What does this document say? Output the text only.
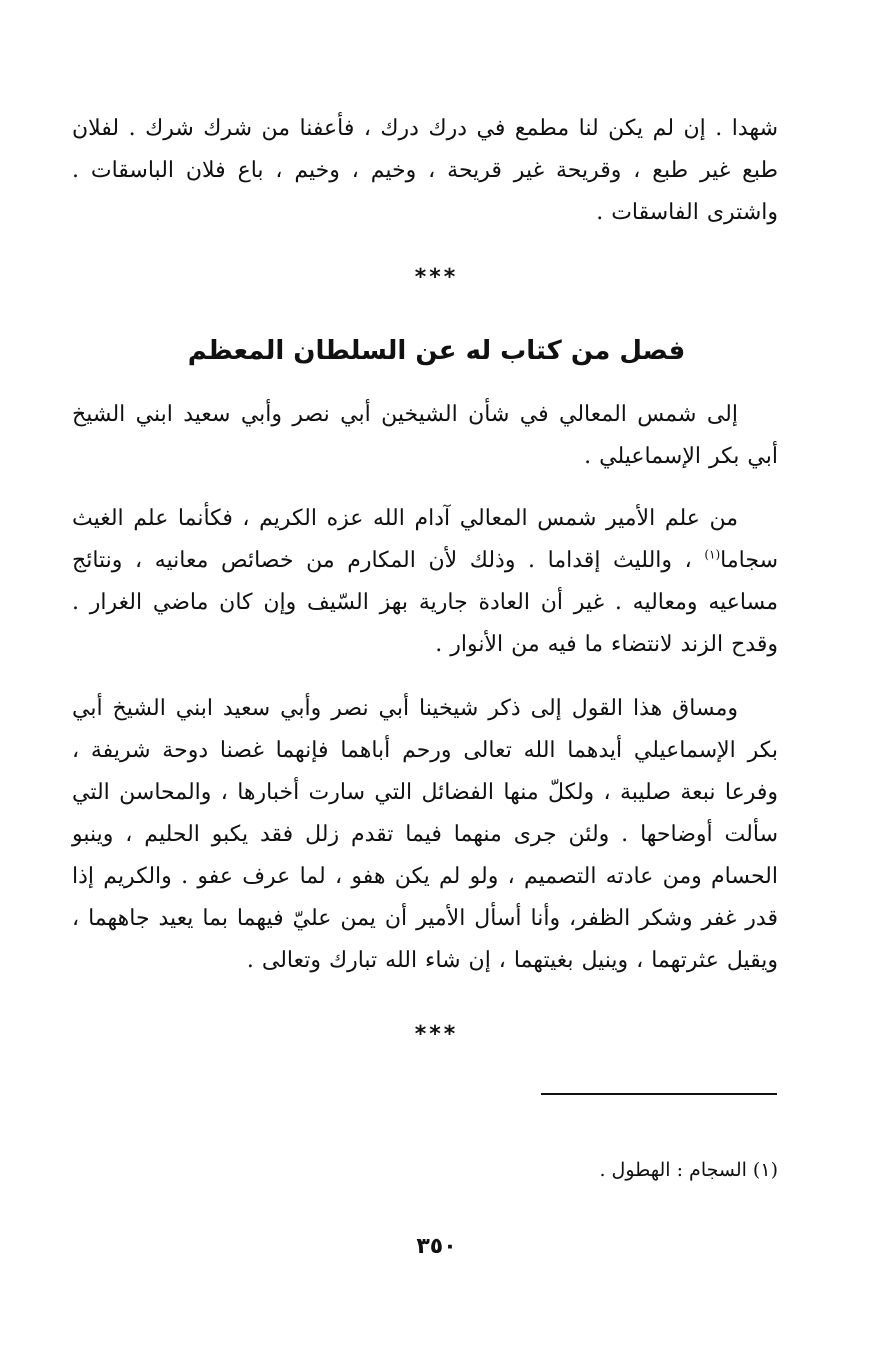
شهدا . إن لم يكن لنا مطمع في درك درك ، فأعفنا من شرك شرك . لفلان طبع غير طبع ، وقريحة غير قريحة ، وخيم ، وخيم ، باع فلان الباسقات . واشترى الفاسقات .
***
فصل من كتاب له عن السلطان المعظم
إلى شمس المعالي في شأن الشيخين أبي نصر وأبي سعيد ابني الشيخ أبي بكر الإسماعيلي .
من علم الأمير شمس المعالي آدام الله عزه الكريم ، فكأنما علم الغيث سجاما$^{(١)}$ ، والليث إقداما . وذلك لأن المكارم من خصائص معانيه ، ونتائج مساعيه ومعاليه . غير أن العادة جارية بهز السّيف وإن كان ماضي الغرار . وقدح الزند لانتضاء ما فيه من الأنوار .
ومساق هذا القول إلى ذكر شيخينا أبي نصر وأبي سعيد ابني الشيخ أبي بكر الإسماعيلي أيدهما الله تعالى ورحم أباهما فإنهما غصنا دوحة شريفة ، وفرعا نبعة صليبة ، ولكلّ منها الفضائل التي سارت أخبارها ، والمحاسن التي سألت أوضاحها . ولئن جرى منهما فيما تقدم زلل فقد يكبو الحليم ، وينبو الحسام ومن عادته التصميم ، ولو لم يكن هفو ، لما عرف عفو . والكريم إذا قدر غفر وشكر الظفر، وأنا أسأل الأمير أن يمن عليّ فيهما بما يعيد جاههما ، ويقيل عثرتهما ، وينيل بغيتهما ، إن شاء الله تبارك وتعالى .
***
(١) السجام : الهطول .
٣٥٠
